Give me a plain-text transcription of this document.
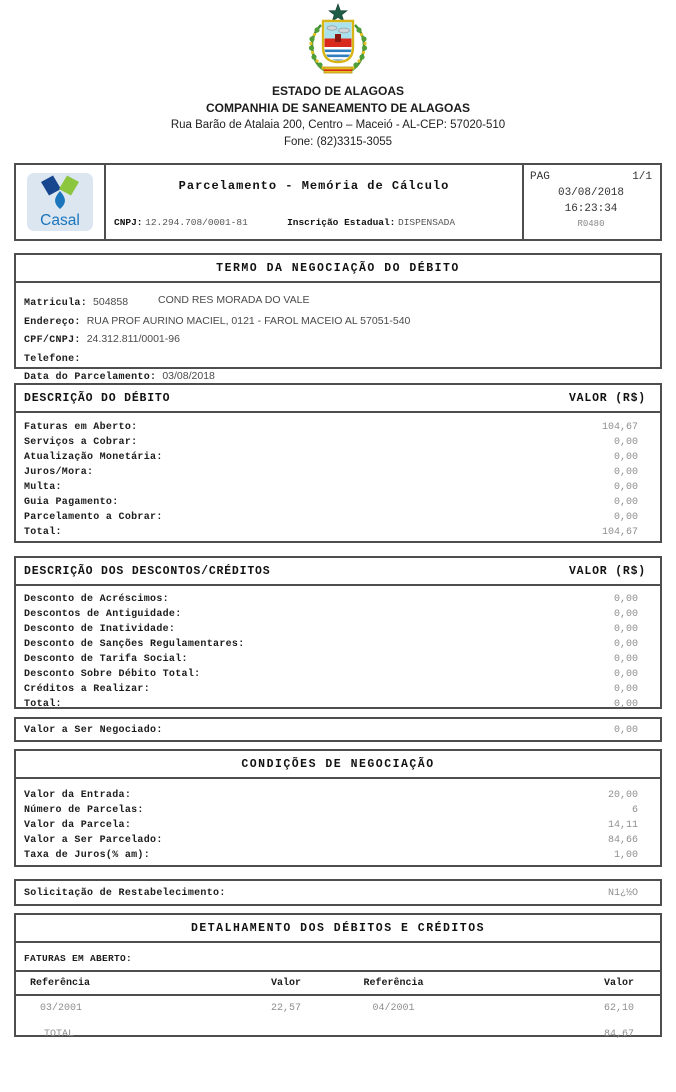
ESTADO DE ALAGOAS
COMPANHIA DE SANEAMENTO DE ALAGOAS
Rua Barão de Atalaia 200, Centro – Maceió - AL-CEP: 57020-510
Fone: (82)3315-3055
Casal
Parcelamento - Memória de Cálculo
CNPJ: 12.294.708/0001-81	Inscrição Estadual: DISPENSADA
PAG	1/1
03/08/2018
16:23:34
R0480
TERMO DA NEGOCIAÇÃO DO DÉBITO
Matricula: 504858	COND RES MORADA DO VALE
Endereço: RUA PROF AURINO MACIEL, 0121 - FAROL MACEIO AL 57051-540
CPF/CNPJ: 24.312.811/0001-96
Telefone:
Data do Parcelamento: 03/08/2018
DESCRIÇÃO DO DÉBITO	VALOR (R$)
Faturas em Aberto:	104,67
Serviços a Cobrar:	0,00
Atualização Monetária:	0,00
Juros/Mora:	0,00
Multa:	0,00
Guia Pagamento:	0,00
Parcelamento a Cobrar:	0,00
Total:	104,67
DESCRIÇÃO DOS DESCONTOS/CRÉDITOS	VALOR (R$)
Desconto de Acréscimos:	0,00
Descontos de Antiguidade:	0,00
Desconto de Inatividade:	0,00
Desconto de Sanções Regulamentares:	0,00
Desconto de Tarifa Social:	0,00
Desconto Sobre Débito Total:	0,00
Créditos a Realizar:	0,00
Total:	0,00
Valor a Ser Negociado:	0,00
CONDIÇÕES DE NEGOCIAÇÃO
Valor da Entrada:	20,00
Número de Parcelas:	6
Valor da Parcela:	14,11
Valor a Ser Parcelado:	84,66
Taxa de Juros(% am):	1,00
Solicitação de Restabelecimento:	N1¿½O
DETALHAMENTO DOS DÉBITOS E CRÉDITOS
FATURAS EM ABERTO:
Referência	Valor	Referência	Valor
03/2001	22,57	04/2001	62,10
TOTAL	84,67
